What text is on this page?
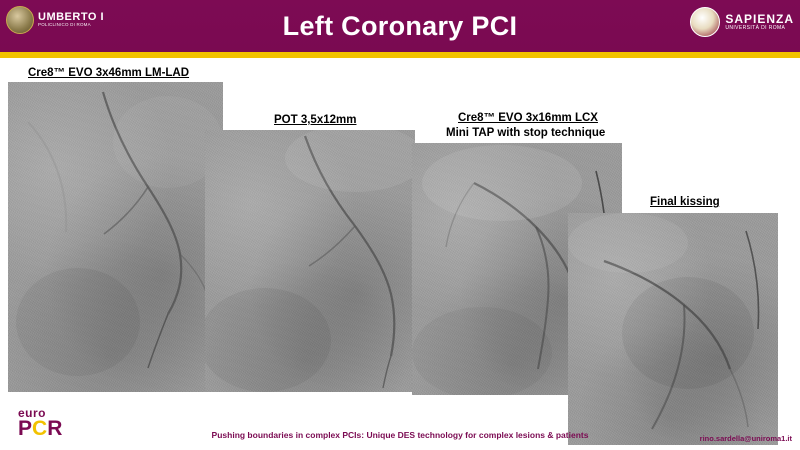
Left Coronary PCI
UMBERTO I
POLICLINICO DI ROMA	SAPIENZA
UNIVERSITÀ DI ROMA
Cre8™ EVO 3x46mm LM-LAD
POT 3,5x12mm	Cre8™ EVO 3x16mm LCX
Mini TAP with stop technique
Final kissing
euro
PCR	Pushing boundaries in complex PCIs: Unique DES technology for complex lesions & patients	rino.sardella@uniroma1.it
